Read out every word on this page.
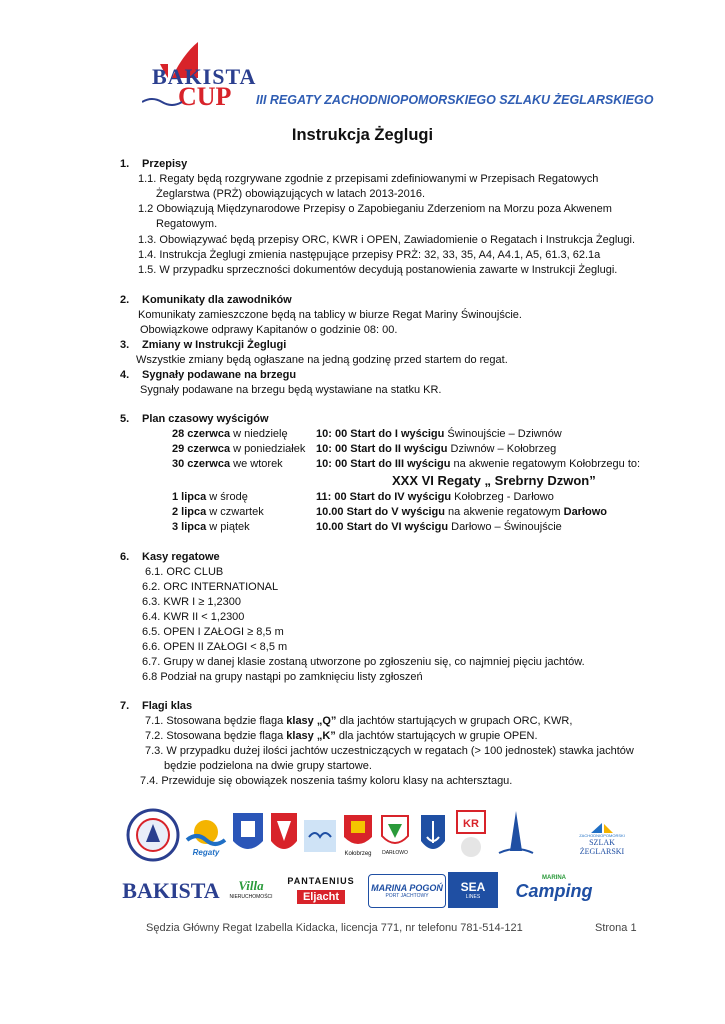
BAKISTA
CUP III REGATY ZACHODNIOPOMORSKIEGO SZLAKU ŻEGLARSKIEGO
Instrukcja Żeglugi
1. Przepisy
1.1. Regaty będą rozgrywane zgodnie z przepisami zdefiniowanymi w Przepisach Regatowych
Żeglarstwa (PRŻ) obowiązujących w latach 2013-2016.
1.2 Obowiązują Międzynarodowe Przepisy o Zapobieganiu Zderzeniom na Morzu poza Akwenem
Regatowym.
1.3. Obowiązywać będą przepisy ORC, KWR i OPEN, Zawiadomienie o Regatach i Instrukcja Żeglugi.
1.4. Instrukcja Żeglugi zmienia następujące przepisy PRŻ: 32, 33, 35, A4, A4.1, A5, 61.3, 62.1a
1.5. W przypadku sprzeczności dokumentów decydują postanowienia zawarte w Instrukcji Żeglugi.
2. Komunikaty dla zawodników
Komunikaty zamieszczone będą na tablicy w biurze Regat Mariny Świnoujście.
Obowiązkowe odprawy Kapitanów o godzinie 08: 00.
3. Zmiany w Instrukcji Żeglugi
Wszystkie zmiany będą ogłaszane na jedną godzinę przed startem do regat.
4. Sygnały podawane na brzegu
Sygnały podawane na brzegu będą wystawiane na statku KR.
5. Plan czasowy wyścigów
28 czerwca w niedzielę	10: 00 Start do I wyścigu Świnoujście – Dziwnów
29 czerwca w poniedziałek 10: 00 Start do II wyścigu Dziwnów – Kołobrzeg
30 czerwca we wtorek	10: 00 Start do III wyścigu na akwenie regatowym Kołobrzegu to:
XXX VI Regaty „ Srebrny Dzwon”
1 lipca w środę	11: 00 Start do IV wyścigu Kołobrzeg - Darłowo
2 lipca w czwartek	10.00 Start do V wyścigu na akwenie regatowym Darłowo
3 lipca w piątek	10.00 Start do VI wyścigu Darłowo – Świnoujście
6. Kasy regatowe
6.1. ORC CLUB
6.2. ORC INTERNATIONAL
6.3. KWR I ≥ 1,2300
6.4. KWR II < 1,2300
6.5. OPEN I ZAŁOGI ≥ 8,5 m
6.6. OPEN II ZAŁOGI < 8,5 m
6.7. Grupy w danej klasie zostaną utworzone po zgłoszeniu się, co najmniej pięciu jachtów.
6.8 Podział na grupy nastąpi po zamknięciu listy zgłoszeń
7. Flagi klas
7.1. Stosowana będzie flaga klasy „Q” dla jachtów startujących w grupach ORC, KWR,
7.2. Stosowana będzie flaga klasy „K” dla jachtów startujących w grupie OPEN.
7.3. W przypadku dużej ilości jachtów uczestniczących w regatach (> 100 jednostek) stawka jachtów
będzie podzielona na dwie grupy startowe.
7.4. Przewiduje się obowiązek noszenia taśmy koloru klasy na achtersztagu.
Regaty	Kołobrzeg DARŁOWO
KR
ZACHODNIOPOMORSKI
SZLAK ŻEGLARSKI
BAKISTA Villa
NIERUCHOMOŚCI
PANTAENIUS
Eljacht
MARINA POGOŃ
PORT JACHTOWY
SEA
LINES
MARINA
Camping
Sędzia Główny Regat Izabella Kidacka, licencja 771, nr telefonu 781-514-121	Strona 1
